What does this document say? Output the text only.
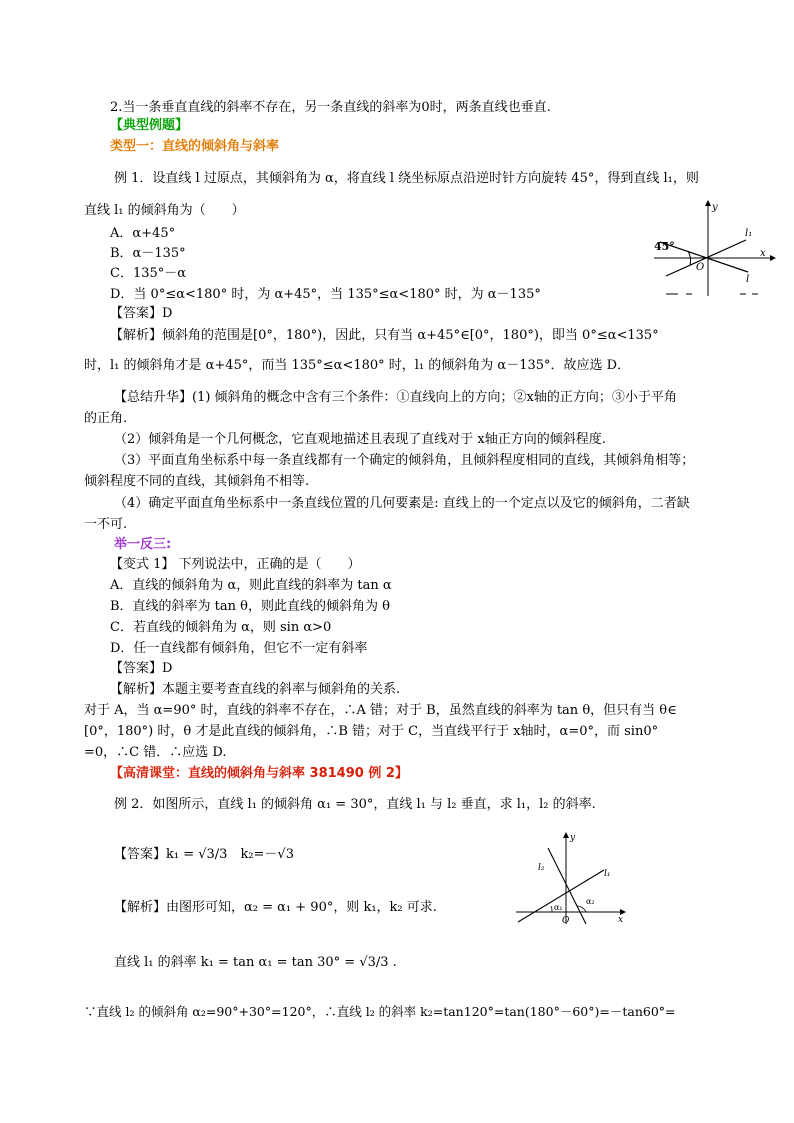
2.当一条垂直直线的斜率不存在，另一条直线的斜率为0时，两条直线也垂直.
【典型例题】
类型一：直线的倾斜角与斜率
例 1．设直线 l 过原点，其倾斜角为 α，将直线 l 绕坐标原点沿逆时针方向旋转 45°，得到直线 l₁，则
直线 l₁ 的倾斜角为（　　）
A．α+45°
B．α－135°
C．135°－α
D．当 0°≤α<180° 时，为 α+45°，当 135°≤α<180° 时，为 α－135°
【答案】D
【解析】倾斜角的范围是[0°，180°)，因此，只有当 α+45°∈[0°，180°)，即当 0°≤α<135°
时，l₁ 的倾斜角才是 α+45°，而当 135°≤α<180° 时，l₁ 的倾斜角为 α－135°．故应选 D．
【总结升华】(1) 倾斜角的概念中含有三个条件：①直线向上的方向；②x轴的正方向；③小于平角
的正角.
（2）倾斜角是一个几何概念，它直观地描述且表现了直线对于 x轴正方向的倾斜程度.
（3）平面直角坐标系中每一条直线都有一个确定的倾斜角，且倾斜程度相同的直线，其倾斜角相等；
倾斜程度不同的直线，其倾斜角不相等.
（4）确定平面直角坐标系中一条直线位置的几何要素是: 直线上的一个定点以及它的倾斜角，二者缺
一不可.
举一反三:
【变式 1】 下列说法中，正确的是（　　）
A．直线的倾斜角为 α，则此直线的斜率为 tan α
B．直线的斜率为 tan θ，则此直线的倾斜角为 θ
C．若直线的倾斜角为 α，则 sin α>0
D．任一直线都有倾斜角，但它不一定有斜率
【答案】D
【解析】本题主要考查直线的斜率与倾斜角的关系.
对于 A，当 α=90° 时，直线的斜率不存在，∴A 错；对于 B，虽然直线的斜率为 tan θ，但只有当 θ∈
[0°，180°) 时，θ 才是此直线的倾斜角，∴B 错；对于 C，当直线平行于 x轴时，α=0°，而 sin0°
=0，∴C 错．∴应选 D.
【高清课堂：直线的倾斜角与斜率 381490 例 2】
例 2．如图所示，直线 l₁ 的倾斜角 α₁ = 30°，直线 l₁ 与 l₂ 垂直，求 l₁，l₂ 的斜率.
【答案】k₁ = √3/3　k₂=－√3
【解析】由图形可知，α₂ = α₁ + 90°，则 k₁，k₂ 可求.
直线 l₁ 的斜率 k₁ = tan α₁ = tan 30° = √3/3 .
∵直线 l₂ 的倾斜角 α₂=90°+30°=120°，∴直线 l₂ 的斜率 k₂=tan120°=tan(180°－60°)=－tan60°=
45°
y
x
O
l₁
l
l₂
l₁
y
x
O
α₁
α₂
